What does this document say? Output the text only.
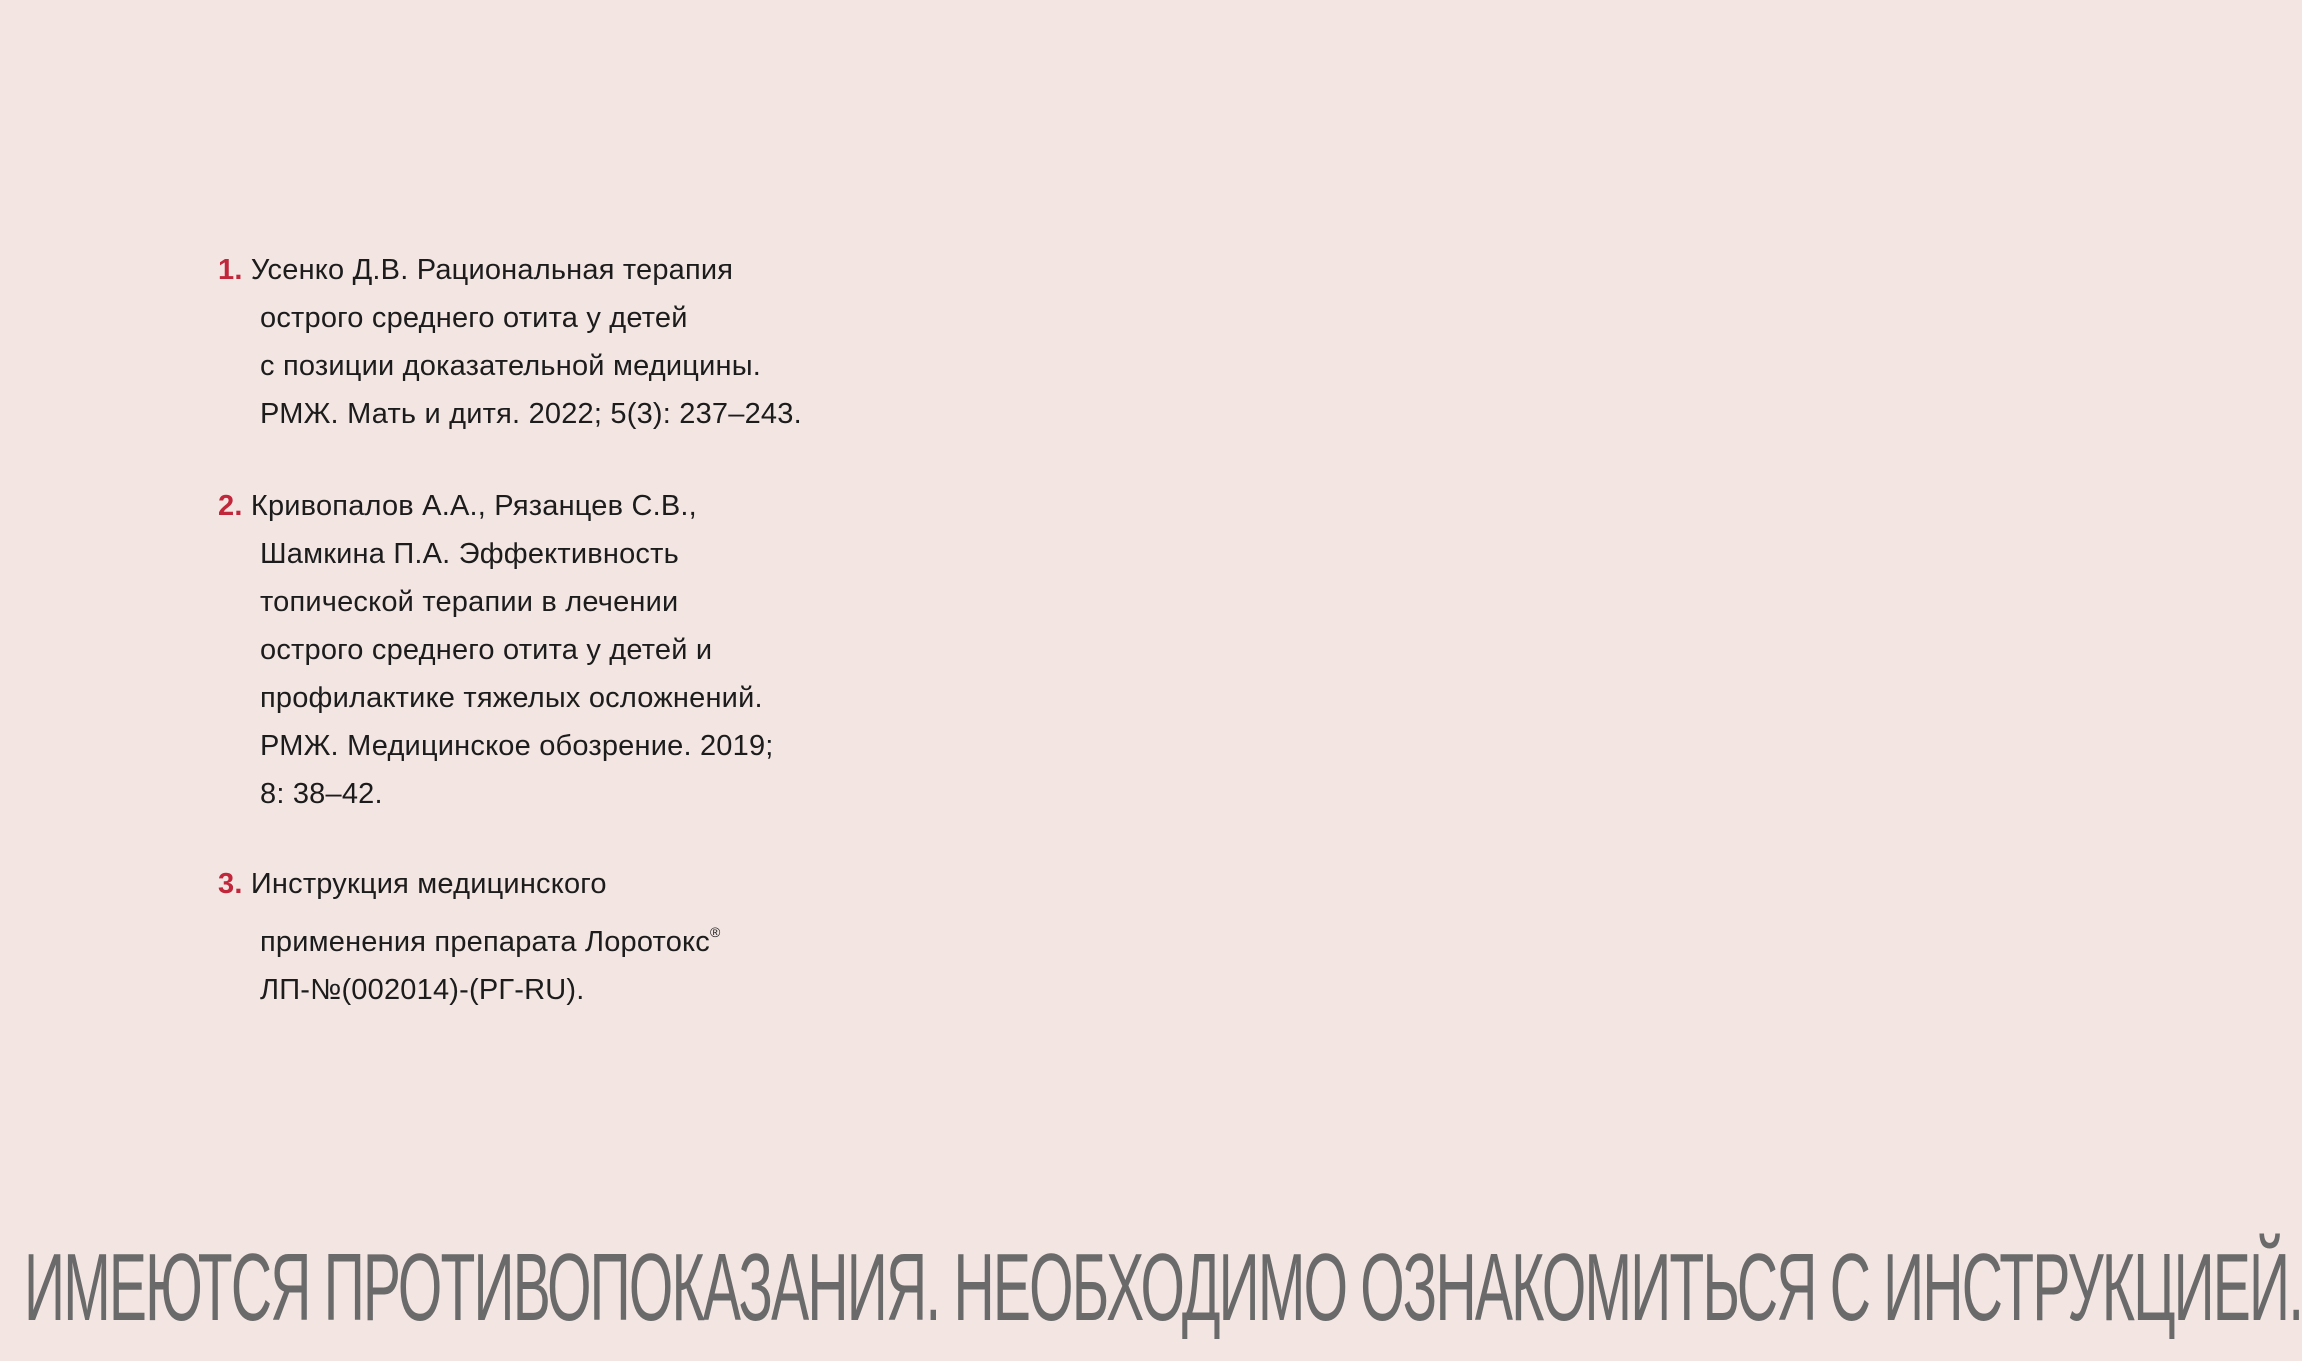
1. Усенко Д.В. Рациональная терапия
острого среднего отита у детей
с позиции доказательной медицины.
РМЖ. Мать и дитя. 2022; 5(3): 237–243.
2. Кривопалов А.А., Рязанцев С.В.,
Шамкина П.А. Эффективность
топической терапии в лечении
острого среднего отита у детей и
профилактике тяжелых осложнений.
РМЖ. Медицинское обозрение. 2019;
8: 38–42.
3. Инструкция медицинского
применения препарата Лоротокс®
ЛП-№(002014)-(РГ-RU).
ИМЕЮТСЯ ПРОТИВОПОКАЗАНИЯ. НЕОБХОДИМО ОЗНАКОМИТЬСЯ С ИНСТРУКЦИЕЙ.
